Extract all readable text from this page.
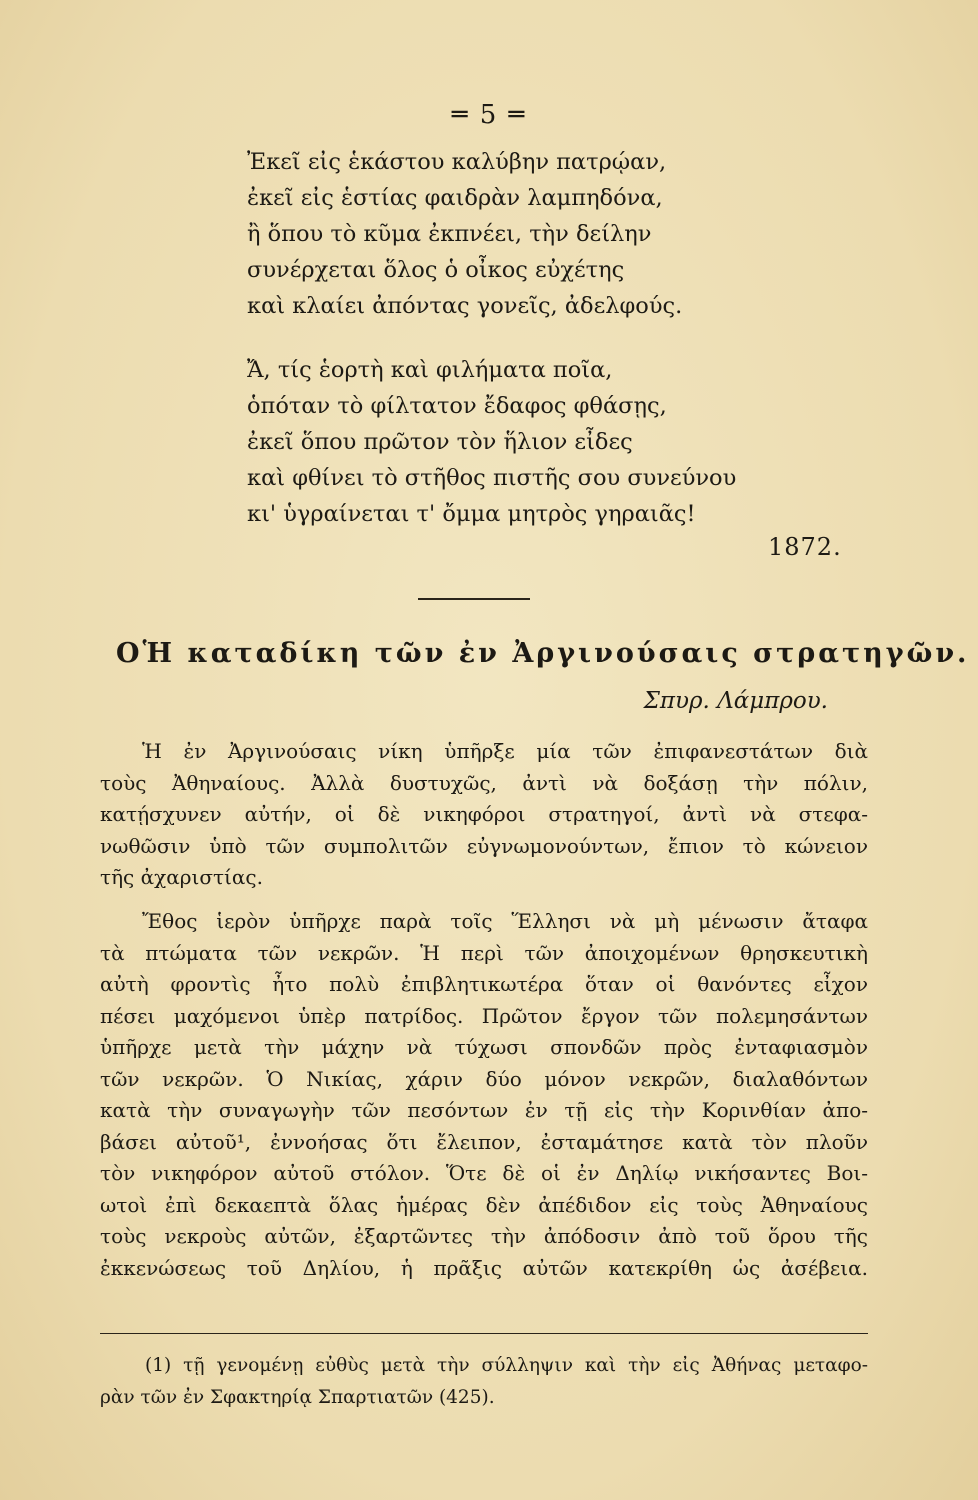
═ 5 ═
Ἐκεῖ εἰς ἑκάστου καλύβην πατρῴαν,
ἐκεῖ εἰς ἑστίας φαιδρὰν λαμπηδόνα,
ἢ ὅπου τὸ κῦμα ἐκπνέει, τὴν δείλην
συνέρχεται ὅλος ὁ οἶκος εὐχέτης
καὶ κλαίει ἀπόντας γονεῖς, ἀδελφούς.
Ἄ, τίς ἑορτὴ καὶ φιλήματα ποῖα,
ὁπόταν τὸ φίλτατον ἔδαφος φθάσῃς,
ἐκεῖ ὅπου πρῶτον τὸν ἥλιον εἶδες
καὶ φθίνει τὸ στῆθος πιστῆς σου συνεύνου
κι' ὑγραίνεται τ' ὄμμα μητρὸς γηραιᾶς!
1872.
ΟἩ καταδίκη τῶν ἐν Ἀργινούσαις στρατηγῶν.
Σπυρ. Λάμπρου.
Ἡ ἐν Ἀργινούσαις νίκη ὑπῆρξε μία τῶν ἐπιφανεστάτων διὰ
τοὺς Ἀθηναίους. Ἀλλὰ δυστυχῶς, ἀντὶ νὰ δοξάσῃ τὴν πόλιν,
κατῄσχυνεν αὐτήν, οἱ δὲ νικηφόροι στρατηγοί, ἀντὶ νὰ στεφα-
νωθῶσιν ὑπὸ τῶν συμπολιτῶν εὐγνωμονούντων, ἔπιον τὸ κώνειον
τῆς ἀχαριστίας.
Ἔθος ἱερὸν ὑπῆρχε παρὰ τοῖς Ἕλλησι νὰ μὴ μένωσιν ἄταφα
τὰ πτώματα τῶν νεκρῶν. Ἡ περὶ τῶν ἀποιχομένων θρησκευτικὴ
αὐτὴ φροντὶς ἦτο πολὺ ἐπιβλητικωτέρα ὅταν οἱ θανόντες εἶχον
πέσει μαχόμενοι ὑπὲρ πατρίδος. Πρῶτον ἔργον τῶν πολεμησάντων
ὑπῆρχε μετὰ τὴν μάχην νὰ τύχωσι σπονδῶν πρὸς ἐνταφιασμὸν
τῶν νεκρῶν. Ὁ Νικίας, χάριν δύο μόνον νεκρῶν, διαλαθόντων
κατὰ τὴν συναγωγὴν τῶν πεσόντων ἐν τῇ εἰς τὴν Κορινθίαν ἀπο-
βάσει αὐτοῦ¹, ἐννοήσας ὅτι ἔλειπον, ἐσταμάτησε κατὰ τὸν πλοῦν
τὸν νικηφόρον αὐτοῦ στόλον. Ὅτε δὲ οἱ ἐν Δηλίῳ νικήσαντες Βοι-
ωτοὶ ἐπὶ δεκαεπτὰ ὅλας ἡμέρας δὲν ἀπέδιδον εἰς τοὺς Ἀθηναίους
τοὺς νεκροὺς αὐτῶν, ἐξαρτῶντες τὴν ἀπόδοσιν ἀπὸ τοῦ ὅρου τῆς
ἐκκενώσεως τοῦ Δηλίου, ἡ πρᾶξις αὐτῶν κατεκρίθη ὡς ἀσέβεια.
(1) τῇ γενομένῃ εὐθὺς μετὰ τὴν σύλληψιν καὶ τὴν εἰς Ἀθήνας μεταφο-
ρὰν τῶν ἐν Σφακτηρίᾳ Σπαρτιατῶν (425).
